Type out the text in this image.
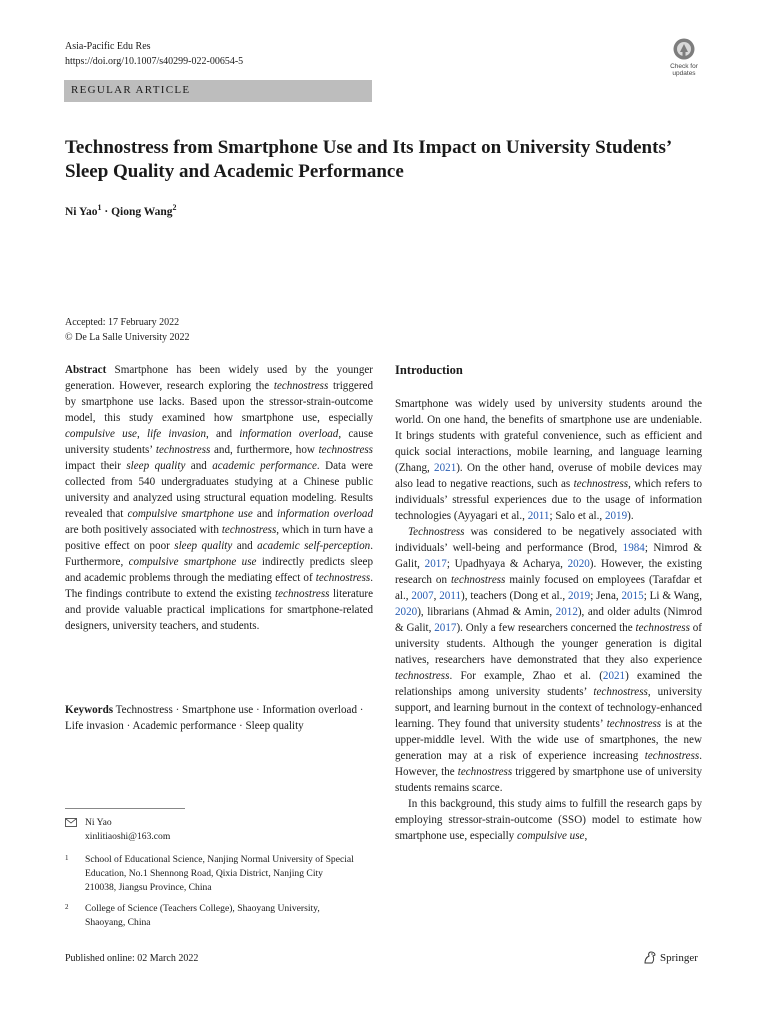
Asia-Pacific Edu Res
https://doi.org/10.1007/s40299-022-00654-5
REGULAR ARTICLE
Check for
updates
Technostress from Smartphone Use and Its Impact on University Students’ Sleep Quality and Academic Performance
Ni Yao$^1$ · Qiong Wang$^2$
Accepted: 17 February 2022
© De La Salle University 2022

Abstract Smartphone has been widely used by the younger generation. However, research exploring the technostress triggered by smartphone use lacks. Based upon the stressor-strain-outcome model, this study examined how smartphone use, especially compulsive use, life invasion, and information overload, cause university students’ technostress and, furthermore, how technostress impact their sleep quality and academic performance. Data were collected from 540 undergraduates studying at a Chinese public university and analyzed using structural equation modeling. Results revealed that compulsive smartphone use and information overload are both positively associated with technostress, which in turn have a positive effect on poor sleep quality and academic self-perception. Furthermore, compulsive smartphone use indirectly predicts sleep and academic problems through the mediating effect of technostress. The findings contribute to extend the existing technostress literature and provide valuable practical implications for smartphone-related designers, university teachers, and students.

Keywords Technostress · Smartphone use · Information overload · Life invasion · Academic performance · Sleep quality

Ni Yao
xinlitiaoshi@163.com
1 School of Educational Science, Nanjing Normal University of Special Education, No.1 Shennong Road, Qixia District, Nanjing City 210038, Jiangsu Province, China
2 College of Science (Teachers College), Shaoyang University, Shaoyang, China
Introduction

Smartphone was widely used by university students around the world. On one hand, the benefits of smartphone use are undeniable. It brings students with grateful convenience, such as efficient and quick social interactions, mobile learning, and language learning (Zhang, 2021). On the other hand, overuse of mobile devices may also lead to negative reactions, such as technostress, which refers to individuals’ stressful experiences due to the usage of information technologies (Ayyagari et al., 2011; Salo et al., 2019).

Technostress was considered to be negatively associated with individuals’ well-being and performance (Brod, 1984; Nimrod & Galit, 2017; Upadhyaya & Acharya, 2020). However, the existing research on technostress mainly focused on employees (Tarafdar et al., 2007, 2011), teachers (Dong et al., 2019; Jena, 2015; Li & Wang, 2020), librarians (Ahmad & Amin, 2012), and older adults (Nimrod & Galit, 2017). Only a few researchers concerned the technostress of university students. Although the younger generation is digital natives, researchers have demonstrated that they also experience technostress. For example, Zhao et al. (2021) examined the relationships among university students’ technostress, university support, and learning burnout in the context of technology-enhanced learning. They found that university students’ technostress is at the upper-middle level. With the wide use of smartphones, the new generation may at a risk of experience increasing technostress. However, the technostress triggered by smartphone use of university students remains scarce.

In this background, this study aims to fulfill the research gaps by employing stressor-strain-outcome (SSO) model to estimate how smartphone use, especially compulsive use,

Published online: 02 March 2022	Springer
